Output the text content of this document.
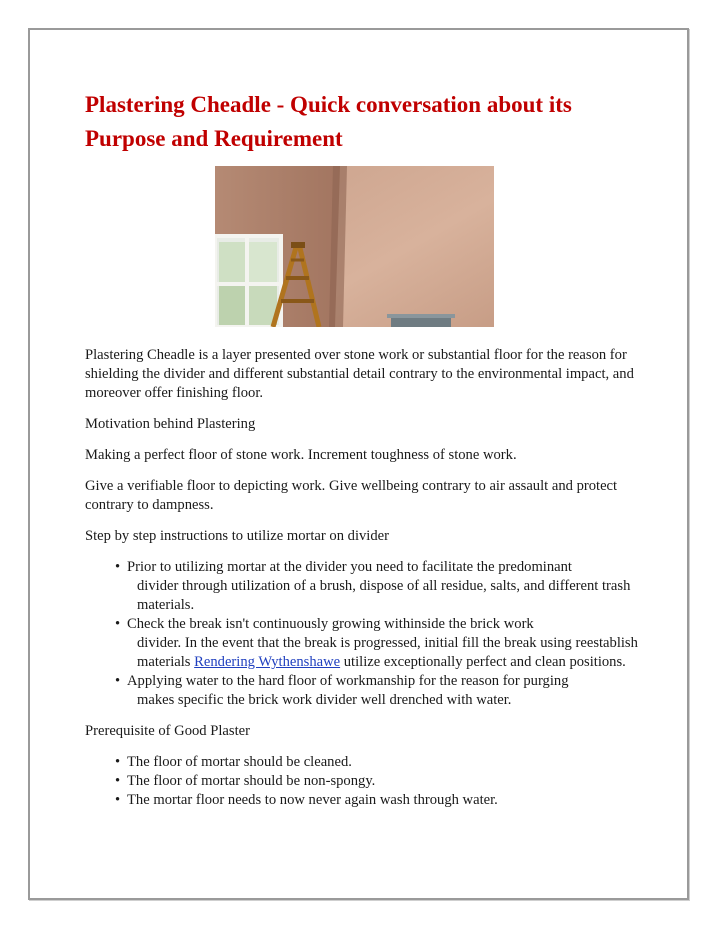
Plastering Cheadle - Quick conversation about its Purpose and Requirement

Plastering Cheadle is a layer presented over stone work or substantial floor for the reason for shielding the divider and different substantial detail contrary to the environmental impact, and moreover offer finishing floor.

Motivation behind Plastering

Making a perfect floor of stone work. Increment toughness of stone work.

Give a verifiable floor to depicting work. Give wellbeing contrary to air assault and protect contrary to dampness.

Step by step instructions to utilize mortar on divider

• Prior to utilizing mortar at the divider you need to facilitate the predominant
divider through utilization of a brush, dispose of all residue, salts, and different trash materials.
• Check the break isn't continuously growing withinside the brick work
divider. In the event that the break is progressed, initial fill the break using reestablish materials Rendering Wythenshawe utilize exceptionally perfect and clean positions.
• Applying water to the hard floor of workmanship for the reason for purging
makes specific the brick work divider well drenched with water.

Prerequisite of Good Plaster

• The floor of mortar should be cleaned.
• The floor of mortar should be non-spongy.
• The mortar floor needs to now never again wash through water.
